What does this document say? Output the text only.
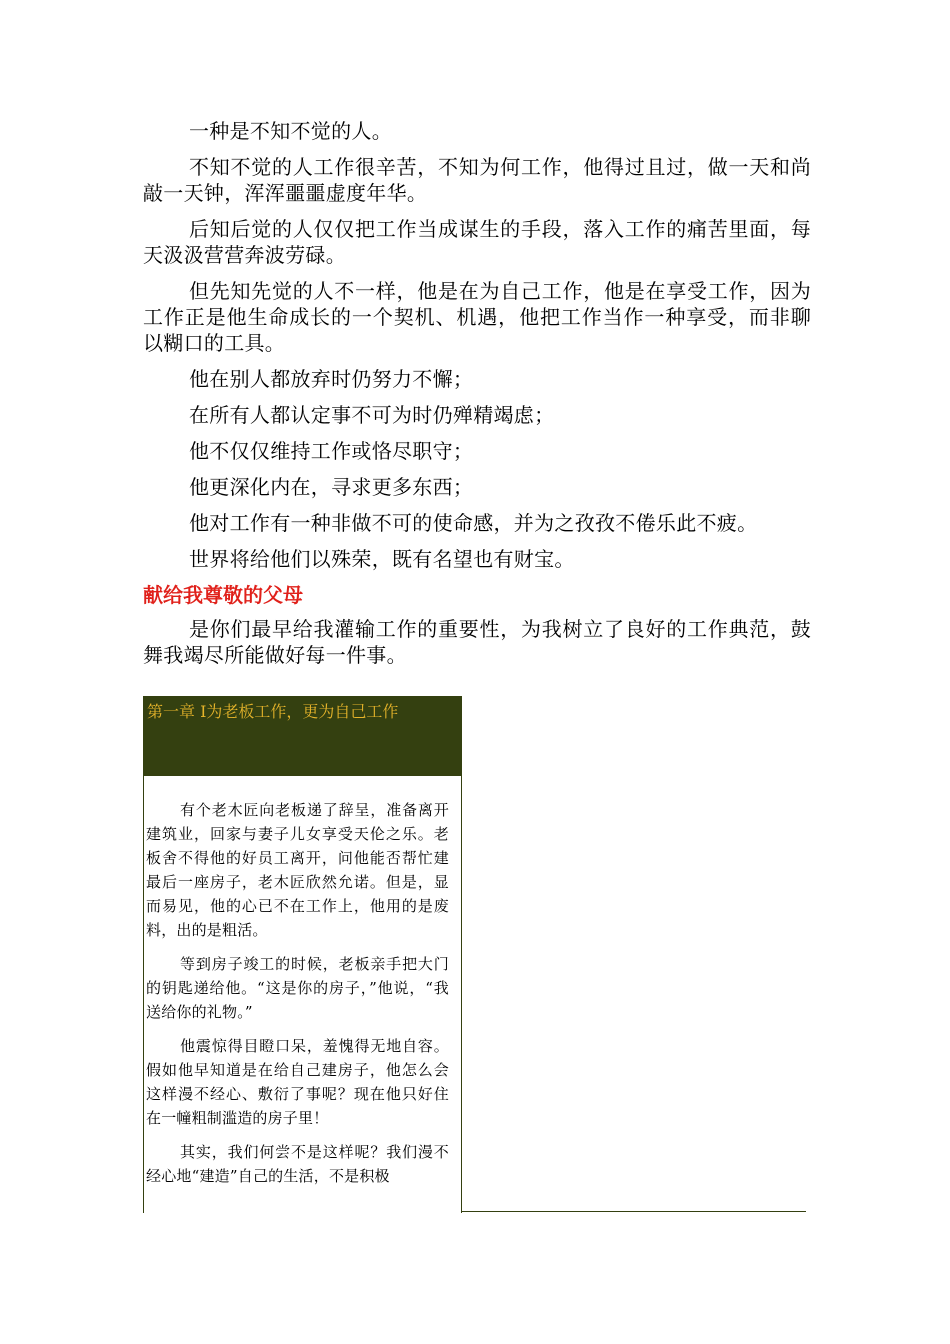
一种是不知不觉的人。

不知不觉的人工作很辛苦，不知为何工作，他得过且过，做一天和尚敲一天钟，浑浑噩噩虚度年华。

后知后觉的人仅仅把工作当成谋生的手段，落入工作的痛苦里面，每天汲汲营营奔波劳碌。

但先知先觉的人不一样，他是在为自己工作，他是在享受工作，因为工作正是他生命成长的一个契机、机遇，他把工作当作一种享受，而非聊以糊口的工具。

他在别人都放弃时仍努力不懈；

在所有人都认定事不可为时仍殚精竭虑；

他不仅仅维持工作或恪尽职守；

他更深化内在，寻求更多东西；

他对工作有一种非做不可的使命感，并为之孜孜不倦乐此不疲。

世界将给他们以殊荣，既有名望也有财宝。

献给我尊敬的父母

是你们最早给我灌输工作的重要性，为我树立了良好的工作典范，鼓舞我竭尽所能做好每一件事。

第一章 Ⅰ为老板工作，更为自己工作

有个老木匠向老板递了辞呈，准备离开建筑业，回家与妻子儿女享受天伦之乐。老板舍不得他的好员工离开，问他能否帮忙建最后一座房子，老木匠欣然允诺。但是，显而易见，他的心已不在工作上，他用的是废料，出的是粗活。

等到房子竣工的时候，老板亲手把大门的钥匙递给他。“这是你的房子，”他说，“我送给你的礼物。”

他震惊得目瞪口呆，羞愧得无地自容。假如他早知道是在给自己建房子，他怎么会这样漫不经心、敷衍了事呢？现在他只好住在一幢粗制滥造的房子里！

其实，我们何尝不是这样呢？我们漫不经心地“建造”自己的生活，不是积极
